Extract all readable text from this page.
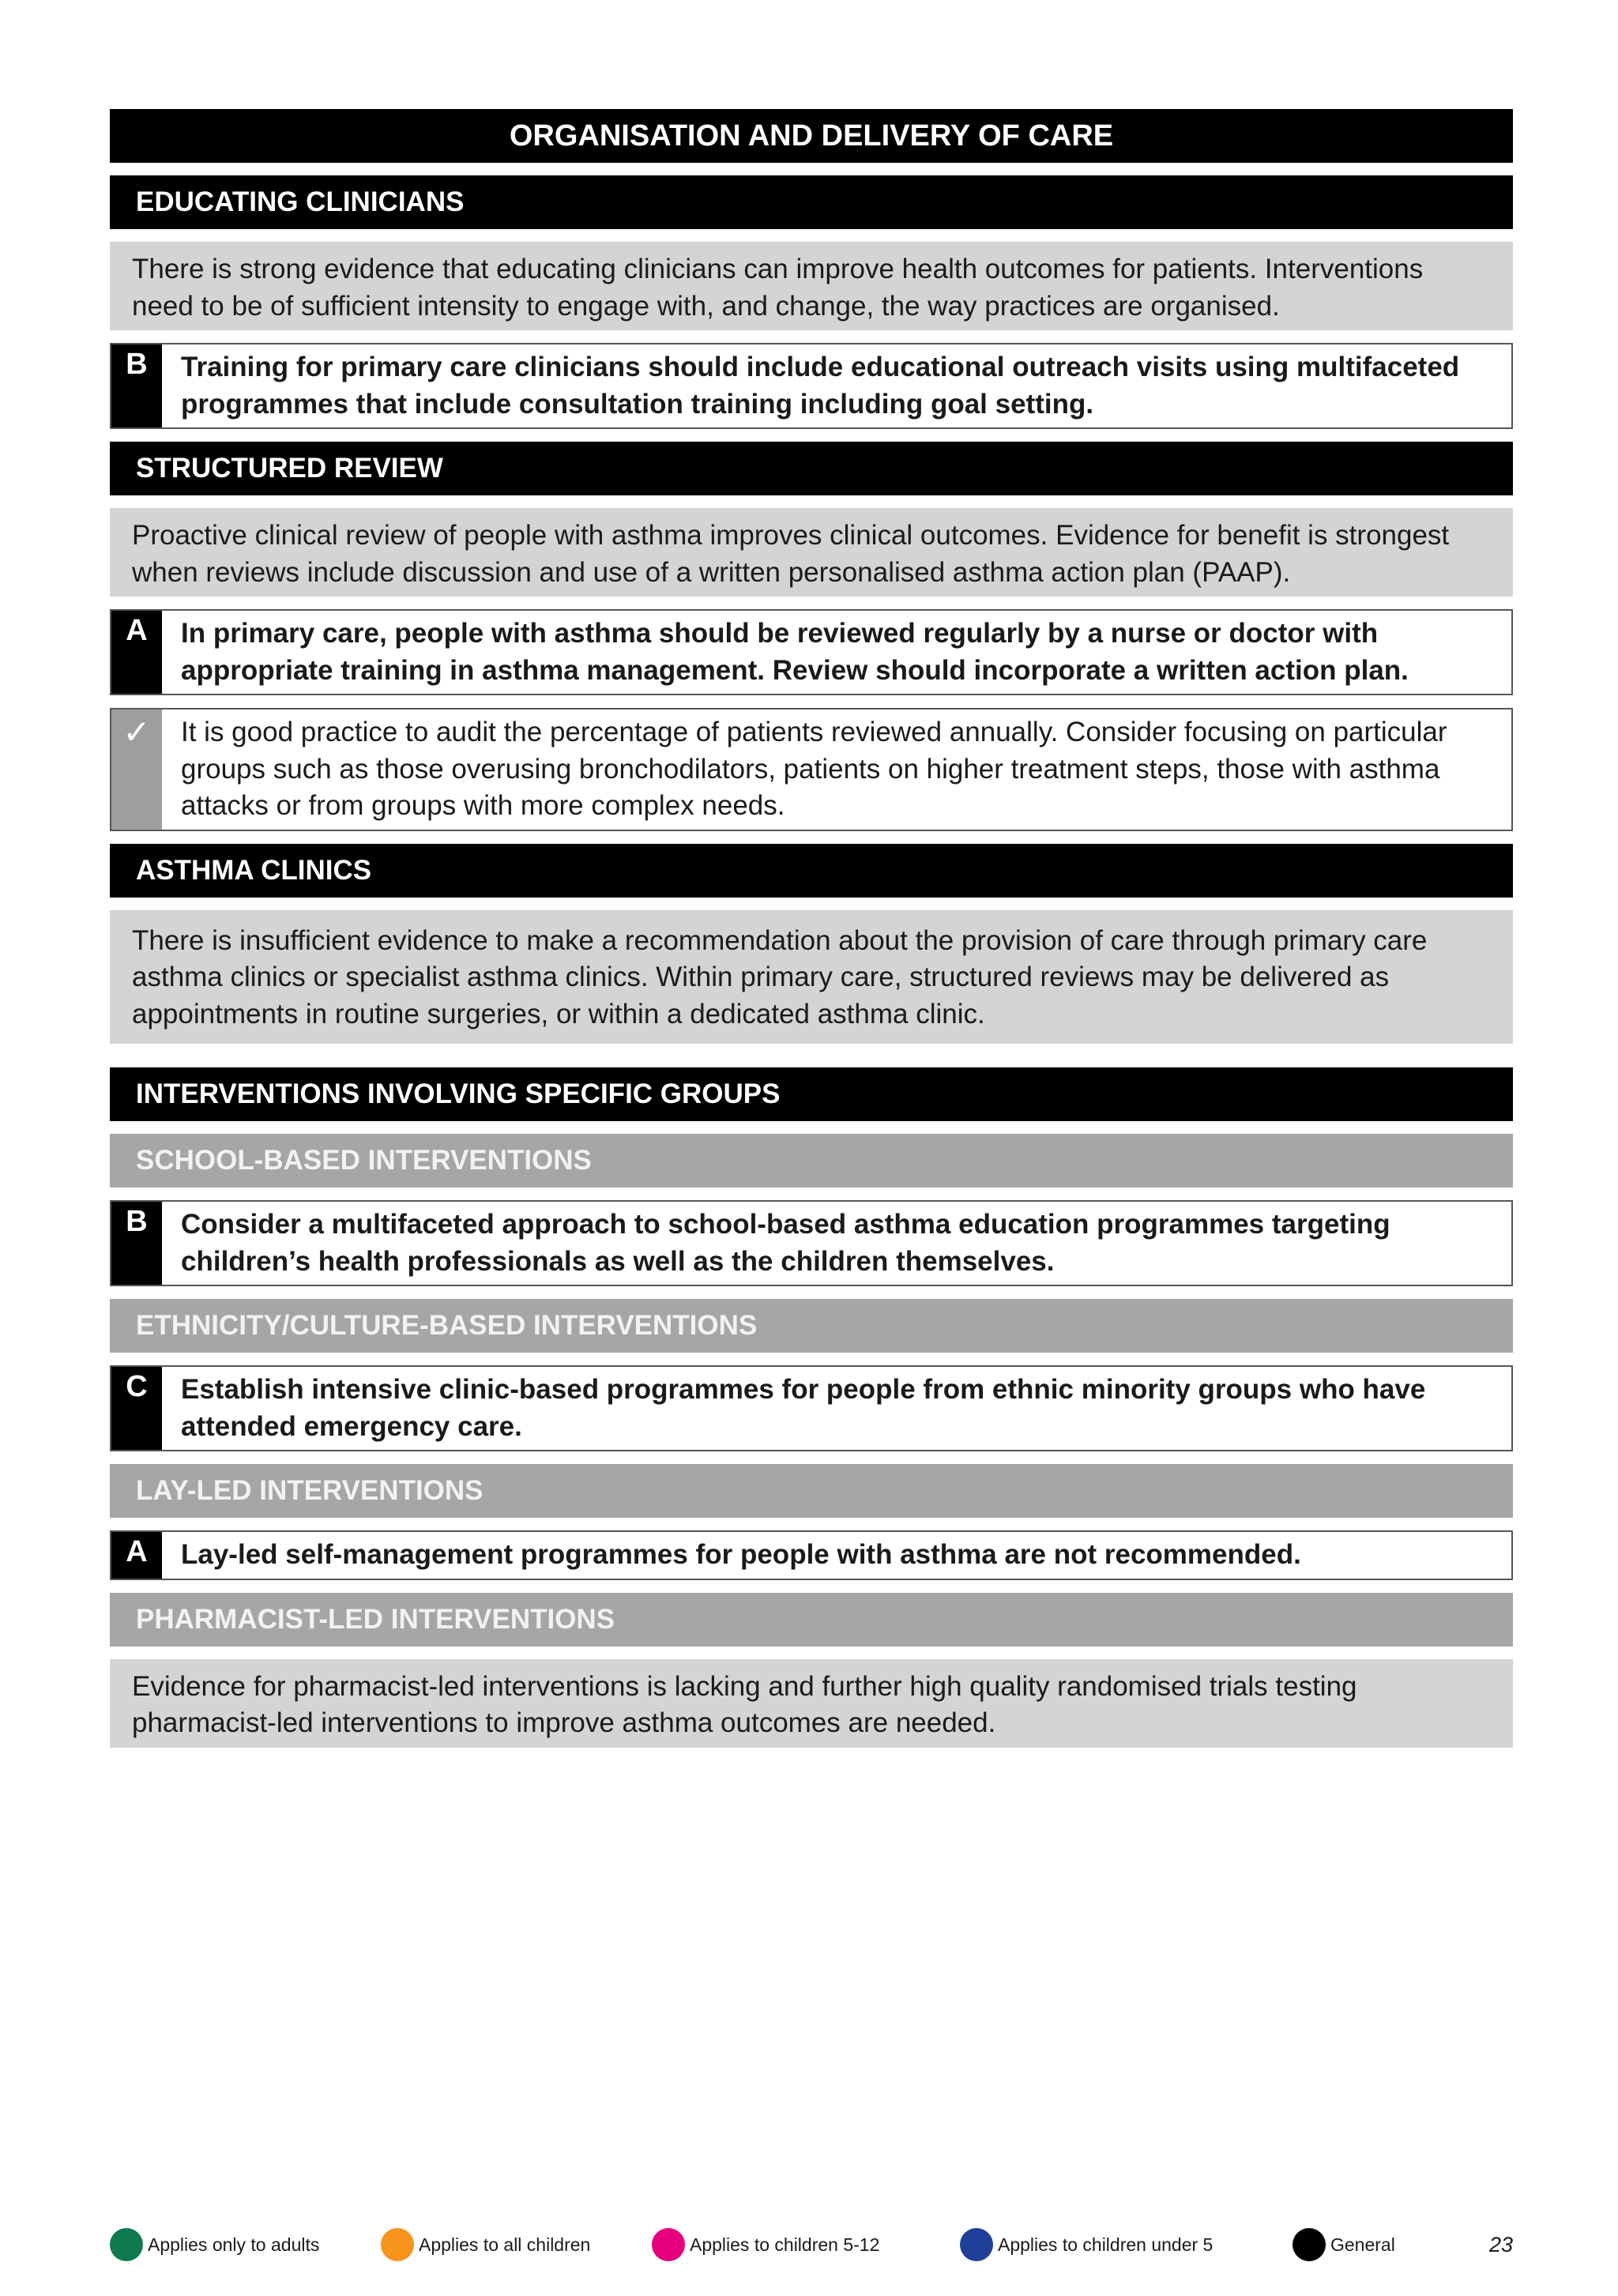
ORGANISATION AND DELIVERY OF CARE
EDUCATING CLINICIANS
There is strong evidence that educating clinicians can improve health outcomes for patients. Interventions need to be of sufficient intensity to engage with, and change, the way practices are organised.
B	Training for primary care clinicians should include educational outreach visits using multifaceted programmes that include consultation training including goal setting.
STRUCTURED REVIEW
Proactive clinical review of people with asthma improves clinical outcomes. Evidence for benefit is strongest when reviews include discussion and use of a written personalised asthma action plan (PAAP).
A	In primary care, people with asthma should be reviewed regularly by a nurse or doctor with appropriate training in asthma management. Review should incorporate a written action plan.
✓	It is good practice to audit the percentage of patients reviewed annually. Consider focusing on particular groups such as those overusing bronchodilators, patients on higher treatment steps, those with asthma attacks or from groups with more complex needs.
ASTHMA CLINICS
There is insufficient evidence to make a recommendation about the provision of care through primary care asthma clinics or specialist asthma clinics. Within primary care, structured reviews may be delivered as appointments in routine surgeries, or within a dedicated asthma clinic.
INTERVENTIONS INVOLVING SPECIFIC GROUPS
SCHOOL-BASED INTERVENTIONS
B	Consider a multifaceted approach to school-based asthma education programmes targeting children’s health professionals as well as the children themselves.
ETHNICITY/CULTURE-BASED INTERVENTIONS
C	Establish intensive clinic-based programmes for people from ethnic minority groups who have attended emergency care.
LAY-LED INTERVENTIONS
A	Lay-led self-management programmes for people with asthma are not recommended.
PHARMACIST-LED INTERVENTIONS
Evidence for pharmacist-led interventions is lacking and further high quality randomised trials testing pharmacist-led interventions to improve asthma outcomes are needed.
Applies only to adults	Applies to all children	Applies to children 5-12	Applies to children under 5	General	23
